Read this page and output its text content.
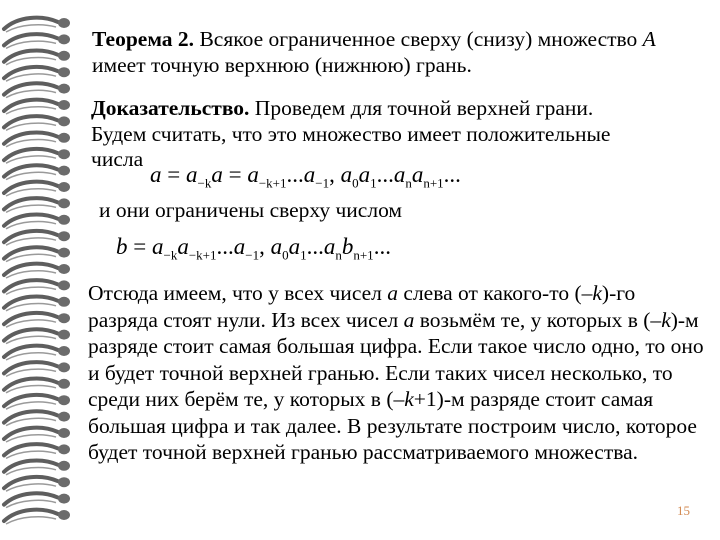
Теорема 2. Всякое ограниченное сверху (снизу) множество A имеет точную верхнюю (нижнюю) грань.

Доказательство. Проведем для точной верхней грани.
Будем считать, что это множество имеет положительные
числа

$a = a_{-k}a = a_{-k+1}...a_{-1}$, $a_0a_1...a_na_{n+1}$...
и они ограничены сверху числом
$b = a_{-k}a_{-k+1}...a_{-1}$, $a_0a_1...a_nb_{n+1}$...

Отсюда имеем, что у всех чисел a слева от какого-то (–k)-го разряда стоят нули. Из всех чисел a возьмём те, у которых в (–k)-м разряде стоит самая большая цифра. Если такое число одно, то оно и будет точной верхней гранью. Если таких чисел несколько, то среди них берём те, у которых в (–k+1)-м разряде стоит самая большая цифра и так далее. В результате построим число, которое будет точной верхней гранью рассматриваемого множества.

15
